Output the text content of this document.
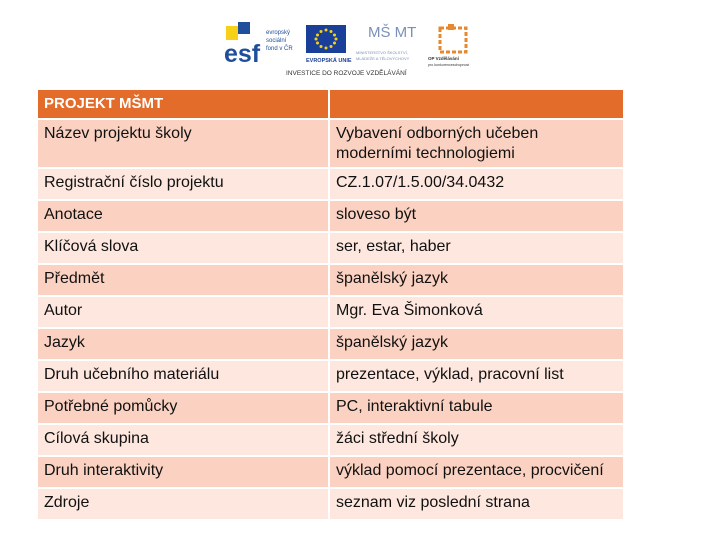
esf
evropský
sociální
fond v ČR
EVROPSKÁ UNIE
MŠ MT
MINISTERSTVO ŠKOLSTVÍ,
MLÁDEŽE A TĚLOVÝCHOVY	OP Vzdělávání
pro konkurenceschopnost
INVESTICE DO ROZVOJE VZDĚLÁVÁNÍ
PROJEKT MŠMT	
Název projektu školy	Vybavení odborných učeben moderními technologiemi
Registrační číslo projektu	CZ.1.07/1.5.00/34.0432
Anotace	sloveso být
Klíčová slova	ser, estar, haber
Předmět	španělský jazyk
Autor	Mgr. Eva Šimonková
Jazyk	španělský jazyk
Druh učebního materiálu	prezentace, výklad, pracovní list
Potřebné pomůcky	PC, interaktivní tabule
Cílová skupina	žáci střední školy
Druh interaktivity	výklad pomocí prezentace, procvičení
Zdroje	seznam viz poslední strana
